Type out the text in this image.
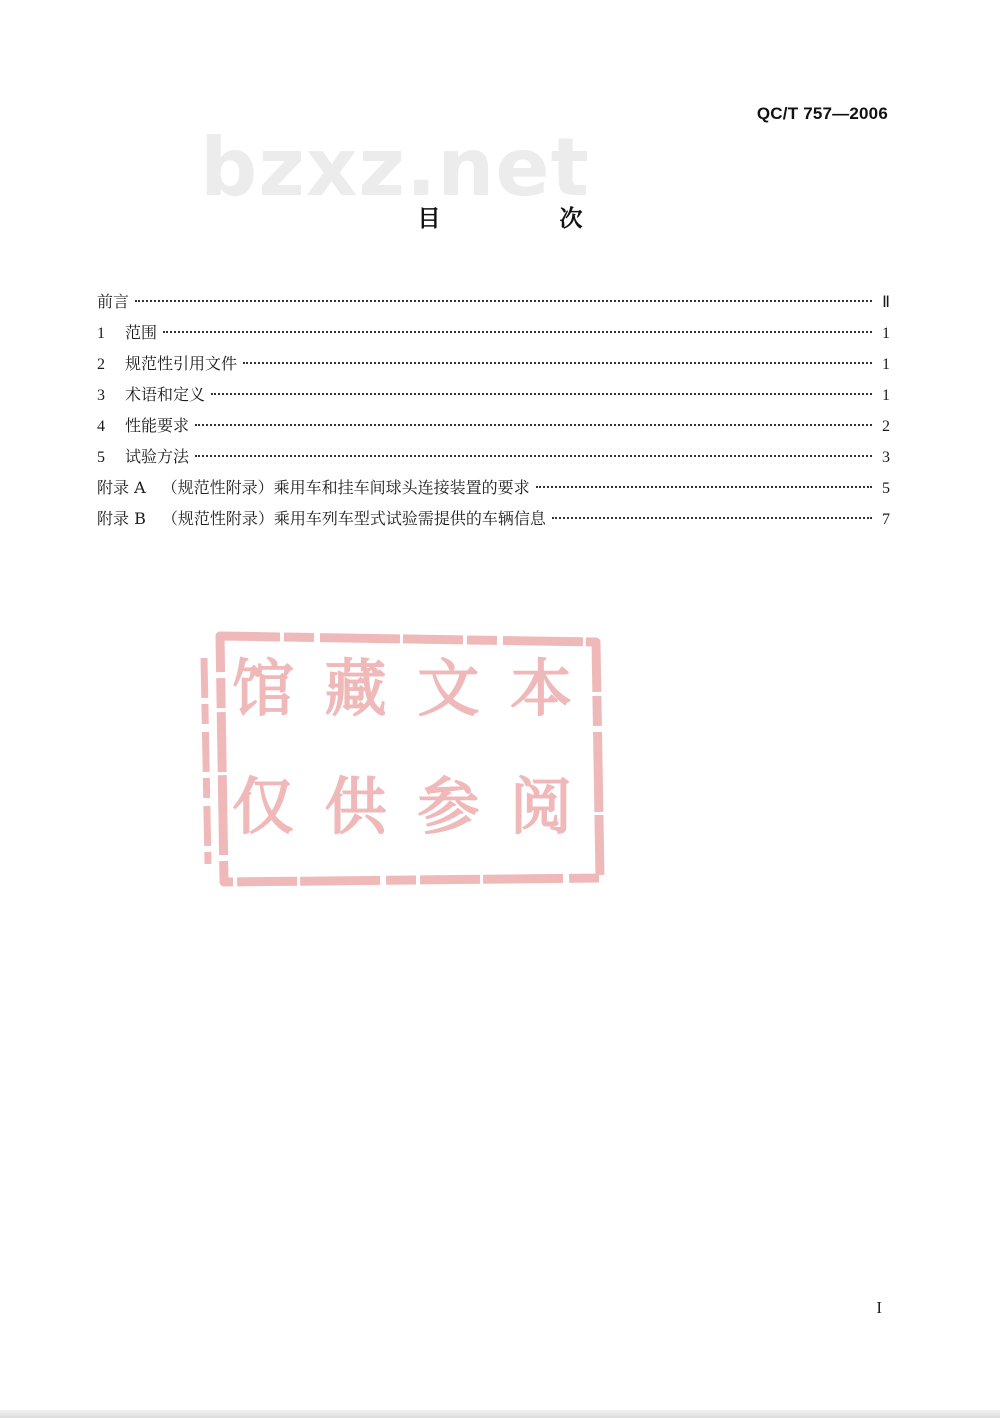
QC/T 757—2006
bzxz.net
目　次
前言	Ⅱ
1	范围	1
2	规范性引用文件	1
3	术语和定义	1
4	性能要求	2
5	试验方法	3
附录 A （规范性附录）乘用车和挂车间球头连接装置的要求	5
附录 B （规范性附录）乘用车列车型式试验需提供的车辆信息	7
馆 藏 文 本
仅 供 参 阅
I
